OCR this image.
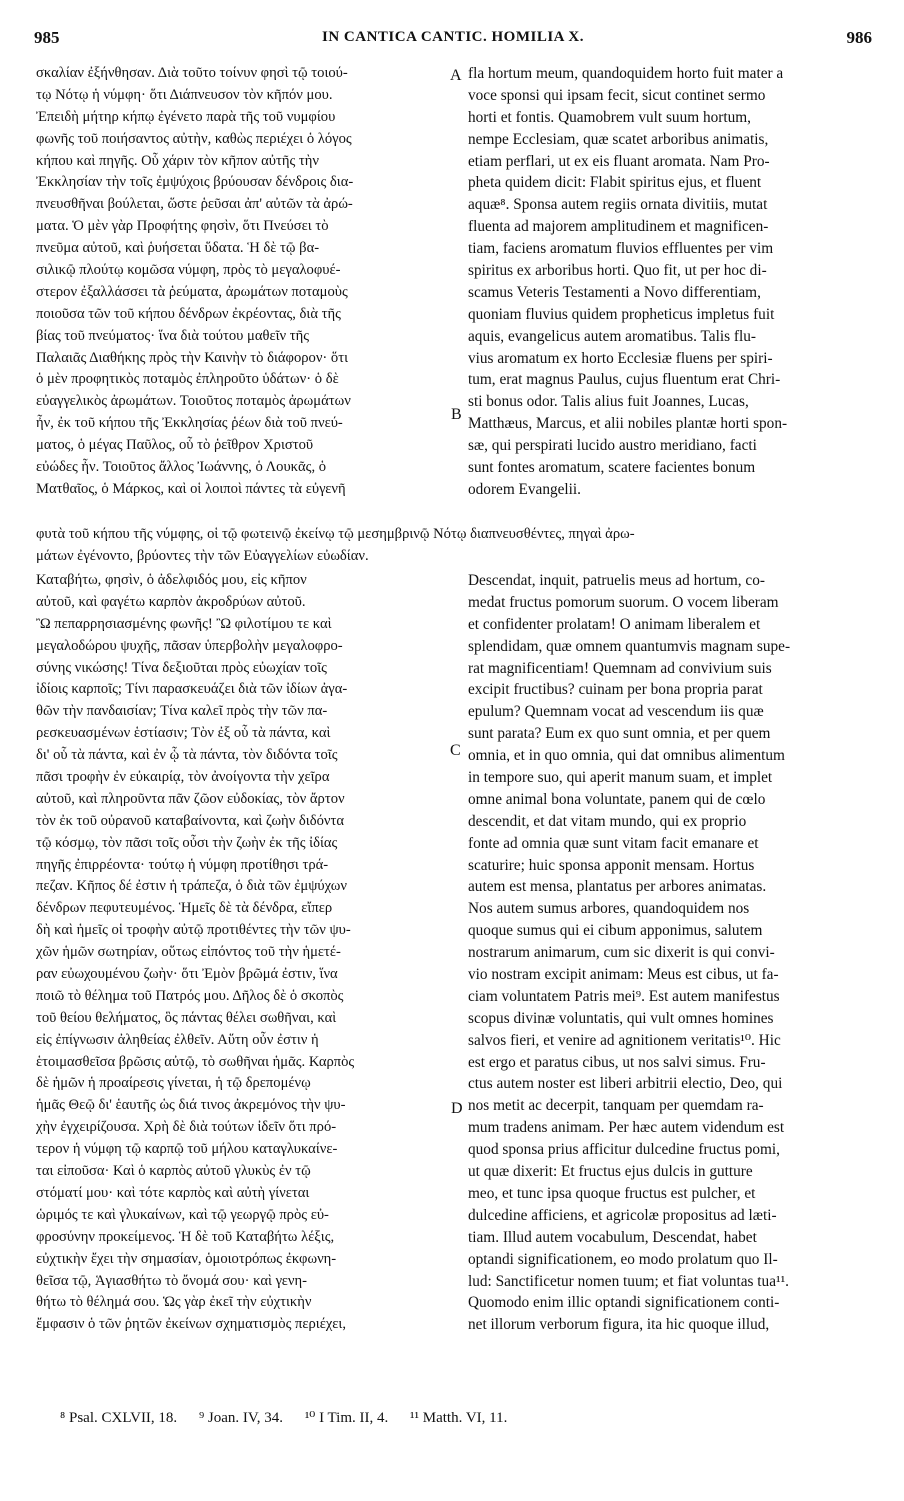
985	IN CANTICA CANTIC. HOMILIA X.	986
σκαλίαν ἐξήνθησαν. Διὰ τοῦτο τοίνυν φησὶ τῷ τοιού-
τῳ Νότῳ ἡ νύμφη· ὅτι Διάπνευσον τὸν κῆπόν μου.
Ἐπειδὴ μήτηρ κήπῳ ἐγένετο παρὰ τῆς τοῦ νυμφίου
φωνῆς τοῦ ποιήσαντος αὐτὴν, καθὼς περιέχει ὁ λόγος
κήπου καὶ πηγῆς. Οὗ χάριν τὸν κῆπον αὐτῆς τὴν
Ἐκκλησίαν τὴν τοῖς ἐμψύχοις βρύουσαν δένδροις δια-
πνευσθῆναι βούλεται, ὥστε ῥεῦσαι ἀπ' αὐτῶν τὰ ἀρώ-
ματα. Ὁ μὲν γὰρ Προφήτης φησὶν, ὅτι Πνεύσει τὸ
πνεῦμα αὐτοῦ, καὶ ῥυήσεται ὕδατα. Ἡ δὲ τῷ βα-
σιλικῷ πλούτῳ κομῶσα νύμφη, πρὸς τὸ μεγαλοφυέ-
στερον ἐξαλλάσσει τὰ ῥεύματα, ἀρωμάτων ποταμοὺς
ποιοῦσα τῶν τοῦ κήπου δένδρων ἐκρέοντας, διὰ τῆς
βίας τοῦ πνεύματος· ἵνα διὰ τούτου μαθεῖν τῆς
Παλαιᾶς Διαθήκης πρὸς τὴν Καινὴν τὸ διάφορον· ὅτι
ὁ μὲν προφητικὸς ποταμὸς ἐπληροῦτο ὑδάτων· ὁ δὲ
εὐαγγελικὸς ἀρωμάτων. Τοιοῦτος ποταμὸς ἀρωμάτων
ἦν, ἐκ τοῦ κήπου τῆς Ἐκκλησίας ῥέων διὰ τοῦ πνεύ-
ματος, ὁ μέγας Παῦλος, οὗ τὸ ῥεῖθρον Χριστοῦ
εὐώδες ἦν. Τοιοῦτος ἄλλος Ἰωάννης, ὁ Λουκᾶς, ὁ
Ματθαῖος, ὁ Μάρκος, καὶ οἱ λοιποὶ πάντες τὰ εὐγενῆ
fla hortum meum, quandoquidem horto fuit mater a
voce sponsi qui ipsam fecit, sicut continet sermo
horti et fontis. Quamobrem vult suum hortum,
nempe Ecclesiam, quæ scatet arboribus animatis,
etiam perflari, ut ex eis fluant aromata. Nam Pro-
pheta quidem dicit: Flabit spiritus ejus, et fluent
aquæ⁸. Sponsa autem regiis ornata divitiis, mutat
fluenta ad majorem amplitudinem et magnificen-
tiam, faciens aromatum fluvios effluentes per vim
spiritus ex arboribus horti. Quo fit, ut per hoc di-
scamus Veteris Testamenti a Novo differentiam,
quoniam fluvius quidem propheticus impletus fuit
aquis, evangelicus autem aromatibus. Talis flu-
vius aromatum ex horto Ecclesiæ fluens per spiri-
tum, erat magnus Paulus, cujus fluentum erat Chri-
sti bonus odor. Talis alius fuit Joannes, Lucas,
Matthæus, Marcus, et alii nobiles plantæ horti spon-
sæ, qui perspirati lucido austro meridiano, facti
sunt fontes aromatum, scatere facientes bonum
odorem Evangelii.
φυτὰ τοῦ κήπου τῆς νύμφης, οἱ τῷ φωτεινῷ ἐκείνῳ τῷ μεσημβρινῷ Νότῳ διαπνευσθέντες, πηγαὶ ἀρω-
μάτων ἐγένοντο, βρύοντες τὴν τῶν Εὐαγγελίων εὐωδίαν.
Καταβήτω, φησὶν, ὁ ἀδελφιδός μου, εἰς κῆπον
αὐτοῦ, καὶ φαγέτω καρπὸν ἀκροδρύων αὐτοῦ.
Ὢ πεπαρρησιασμένης φωνῆς! Ὢ φιλοτίμου τε καὶ
μεγαλοδώρου ψυχῆς, πᾶσαν ὑπερβολὴν μεγαλοφρο-
σύνης νικώσης! Τίνα δεξιοῦται πρὸς εὐωχίαν τοῖς
ἰδίοις καρποῖς; Τίνι παρασκευάζει διὰ τῶν ἰδίων ἀγα-
θῶν τὴν πανδαισίαν; Τίνα καλεῖ πρὸς τὴν τῶν πα-
ρεσκευασμένων ἑστίασιν; Τὸν ἐξ οὗ τὰ πάντα, καὶ
δι' οὗ τὰ πάντα, καὶ ἐν ᾧ τὰ πάντα, τὸν διδόντα τοῖς
πᾶσι τροφὴν ἐν εὐκαιρίᾳ, τὸν ἀνοίγοντα τὴν χεῖρα
αὐτοῦ, καὶ πληροῦντα πᾶν ζῶον εὐδοκίας, τὸν ἄρτον
τὸν ἐκ τοῦ οὐρανοῦ καταβαίνοντα, καὶ ζωὴν διδόντα
τῷ κόσμῳ, τὸν πᾶσι τοῖς οὖσι τὴν ζωὴν ἐκ τῆς ἰδίας
πηγῆς ἐπιρρέοντα· τούτῳ ἡ νύμφη προτίθησι τρά-
πεζαν. Κῆπος δέ ἐστιν ἡ τράπεζα, ὁ διὰ τῶν ἐμψύχων
δένδρων πεφυτευμένος. Ἡμεῖς δὲ τὰ δένδρα, εἴπερ
δὴ καὶ ἡμεῖς οἱ τροφὴν αὐτῷ προτιθέντες τὴν τῶν ψυ-
χῶν ἡμῶν σωτηρίαν, οὕτως εἰπόντος τοῦ τὴν ἡμετέ-
ραν εὐωχουμένου ζωὴν· ὅτι Ἐμὸν βρῶμά ἐστιν, ἵνα
ποιῶ τὸ θέλημα τοῦ Πατρός μου. Δῆλος δὲ ὁ σκοπὸς
τοῦ θείου θελήματος, ὃς πάντας θέλει σωθῆναι, καὶ
εἰς ἐπίγνωσιν ἀληθείας ἐλθεῖν. Αὕτη οὖν ἐστιν ἡ
ἑτοιμασθεῖσα βρῶσις αὐτῷ, τὸ σωθῆναι ἡμᾶς. Καρπὸς
δὲ ἡμῶν ἡ προαίρεσις γίνεται, ἡ τῷ δρεπομένῳ
ἡμᾶς Θεῷ δι' ἑαυτῆς ὡς διά τινος ἀκρεμόνος τὴν ψυ-
χὴν ἐγχειρίζουσα. Χρὴ δὲ διὰ τούτων ἰδεῖν ὅτι πρό-
τερον ἡ νύμφη τῷ καρπῷ τοῦ μήλου καταγλυκαίνε-
ται εἰποῦσα· Καὶ ὁ καρπὸς αὐτοῦ γλυκὺς ἐν τῷ
στόματί μου· καὶ τότε καρπὸς καὶ αὐτὴ γίνεται
ὡριμός τε καὶ γλυκαίνων, καὶ τῷ γεωργῷ πρὸς εὐ-
φροσύνην προκείμενος. Ἡ δὲ τοῦ Καταβήτω λέξις,
εὐχτικὴν ἔχει τὴν σημασίαν, ὁμοιοτρόπως ἐκφωνη-
θεῖσα τῷ, Ἁγιασθήτω τὸ ὄνομά σου· καὶ γενη-
θήτω τὸ θέλημά σου. Ὡς γὰρ ἐκεῖ τὴν εὐχτικὴν
ἔμφασιν ὁ τῶν ῥητῶν ἐκείνων σχηματισμὸς περιέχει,
Descendat, inquit, patruelis meus ad hortum, co-
medat fructus pomorum suorum. O vocem liberam
et confidenter prolatam! O animam liberalem et
splendidam, quæ omnem quantumvis magnam supe-
rat magnificentiam! Quemnam ad convivium suis
excipit fructibus? cuinam per bona propria parat
epulum? Quemnam vocat ad vescendum iis quæ
sunt parata? Eum ex quo sunt omnia, et per quem
omnia, et in quo omnia, qui dat omnibus alimentum
in tempore suo, qui aperit manum suam, et implet
omne animal bona voluntate, panem qui de cœlo
descendit, et dat vitam mundo, qui ex proprio
fonte ad omnia quæ sunt vitam facit emanare et
scaturire; huic sponsa apponit mensam. Hortus
autem est mensa, plantatus per arbores animatas.
Nos autem sumus arbores, quandoquidem nos
quoque sumus qui ei cibum apponimus, salutem
nostrarum animarum, cum sic dixerit is qui convi-
vio nostram excipit animam: Meus est cibus, ut fa-
ciam voluntatem Patris mei⁹. Est autem manifestus
scopus divinæ voluntatis, qui vult omnes homines
salvos fieri, et venire ad agnitionem veritatis¹⁰. Hic
est ergo et paratus cibus, ut nos salvi simus. Fru-
ctus autem noster est liberi arbitrii electio, Deo, qui
nos metit ac decerpit, tanquam per quemdam ra-
mum tradens animam. Per hæc autem videndum est
quod sponsa prius afficitur dulcedine fructus pomi,
ut quæ dixerit: Et fructus ejus dulcis in gutture
meo, et tunc ipsa quoque fructus est pulcher, et
dulcedine afficiens, et agricolæ propositus ad læti-
tiam. Illud autem vocabulum, Descendat, habet
optandi significationem, eo modo prolatum quo Il-
lud: Sanctificetur nomen tuum; et fiat voluntas tua¹¹.
Quomodo enim illic optandi significationem conti-
net illorum verborum figura, ita hic quoque illud,
A
B
C
D
⁸ Psal. CXLVII, 18. ⁹ Joan. IV, 34. ¹⁰ I Tim. II, 4. ¹¹ Matth. VI, 11.
